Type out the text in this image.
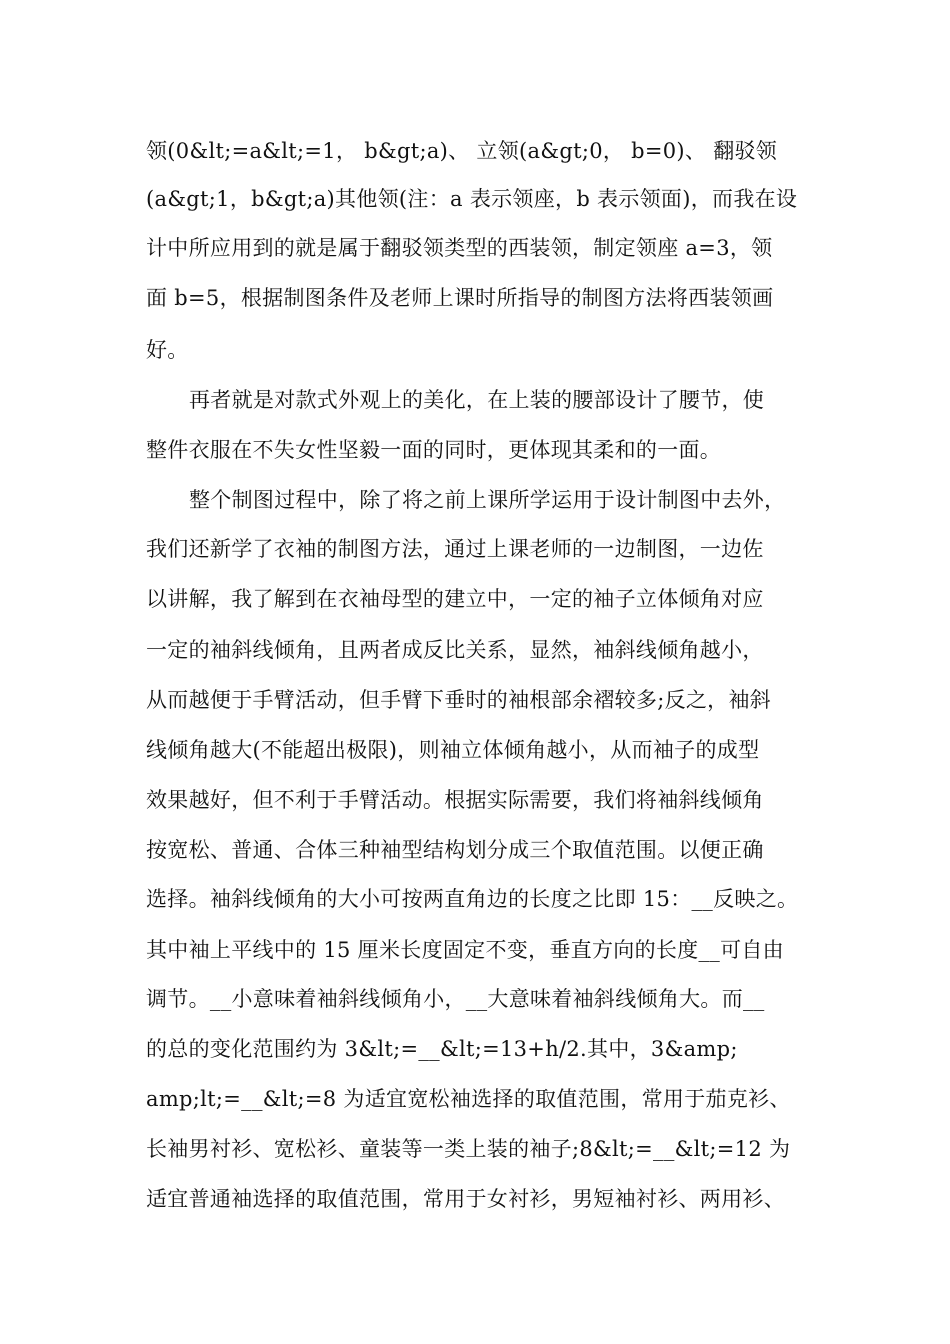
领(0&lt;=a&lt;=1， b&gt;a)、 立领(a&gt;0， b=0)、 翻驳领
(a&gt;1，b&gt;a)其他领(注：a 表示领座，b 表示领面)，而我在设
计中所应用到的就是属于翻驳领类型的西装领，制定领座 a=3，领
面 b=5，根据制图条件及老师上课时所指导的制图方法将西装领画
好。
再者就是对款式外观上的美化，在上装的腰部设计了腰节，使
整件衣服在不失女性坚毅一面的同时，更体现其柔和的一面。
整个制图过程中，除了将之前上课所学运用于设计制图中去外，
我们还新学了衣袖的制图方法，通过上课老师的一边制图，一边佐
以讲解，我了解到在衣袖母型的建立中，一定的袖子立体倾角对应
一定的袖斜线倾角，且两者成反比关系，显然，袖斜线倾角越小，
从而越便于手臂活动，但手臂下垂时的袖根部余褶较多;反之，袖斜
线倾角越大(不能超出极限)，则袖立体倾角越小，从而袖子的成型
效果越好，但不利于手臂活动。根据实际需要，我们将袖斜线倾角
按宽松、普通、合体三种袖型结构划分成三个取值范围。以便正确
选择。袖斜线倾角的大小可按两直角边的长度之比即 15：__反映之。
其中袖上平线中的 15 厘米长度固定不变，垂直方向的长度__可自由
调节。__小意味着袖斜线倾角小，__大意味着袖斜线倾角大。而__
的总的变化范围约为 3&lt;=__&lt;=13+h/2.其中，3&amp;
amp;lt;=__&lt;=8 为适宜宽松袖选择的取值范围，常用于茄克衫、
长袖男衬衫、宽松衫、童装等一类上装的袖子;8&lt;=__&lt;=12 为
适宜普通袖选择的取值范围，常用于女衬衫，男短袖衬衫、两用衫、
